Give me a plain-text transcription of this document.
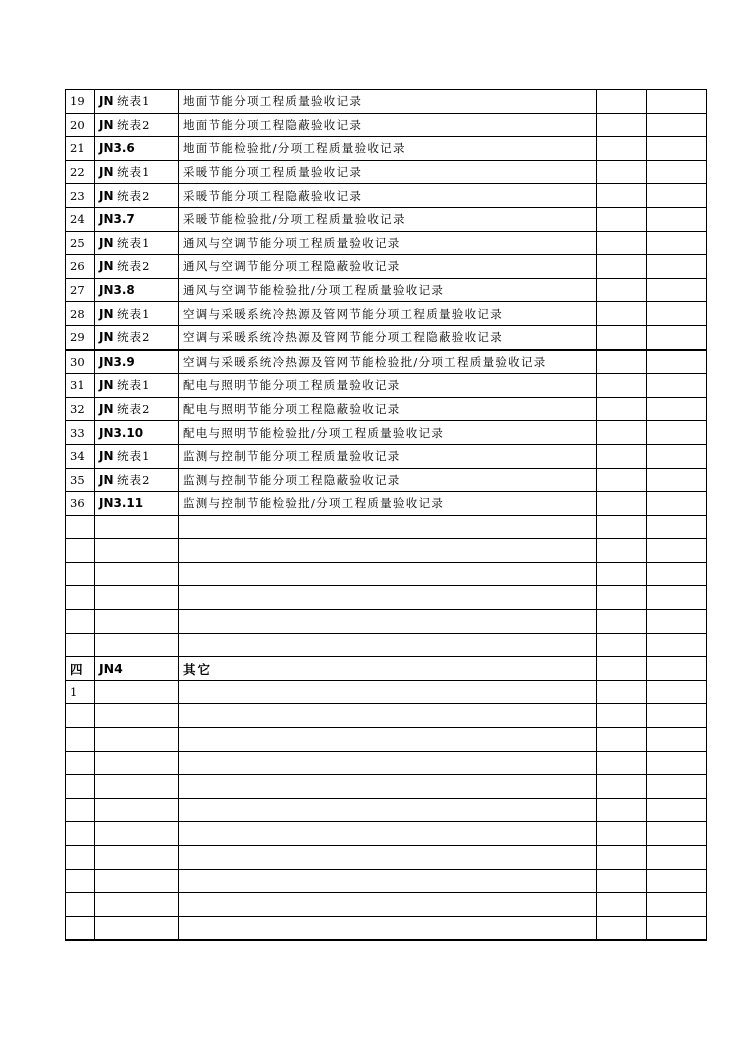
19	JN 统表1	地面节能分项工程质量验收记录		
20	JN 统表2	地面节能分项工程隐蔽验收记录		
21	JN3.6	地面节能检验批/分项工程质量验收记录		
22	JN 统表1	采暖节能分项工程质量验收记录		
23	JN 统表2	采暖节能分项工程隐蔽验收记录		
24	JN3.7	采暖节能检验批/分项工程质量验收记录		
25	JN 统表1	通风与空调节能分项工程质量验收记录		
26	JN 统表2	通风与空调节能分项工程隐蔽验收记录		
27	JN3.8	通风与空调节能检验批/分项工程质量验收记录		
28	JN 统表1	空调与采暖系统冷热源及管网节能分项工程质量验收记录		
29	JN 统表2	空调与采暖系统冷热源及管网节能分项工程隐蔽验收记录		
30	JN3.9	空调与采暖系统冷热源及管网节能检验批/分项工程质量验收记录		
31	JN 统表1	配电与照明节能分项工程质量验收记录		
32	JN 统表2	配电与照明节能分项工程隐蔽验收记录		
33	JN3.10	配电与照明节能检验批/分项工程质量验收记录		
34	JN 统表1	监测与控制节能分项工程质量验收记录		
35	JN 统表2	监测与控制节能分项工程隐蔽验收记录		
36	JN3.11	监测与控制节能检验批/分项工程质量验收记录		

四	JN4	其它		
1				
